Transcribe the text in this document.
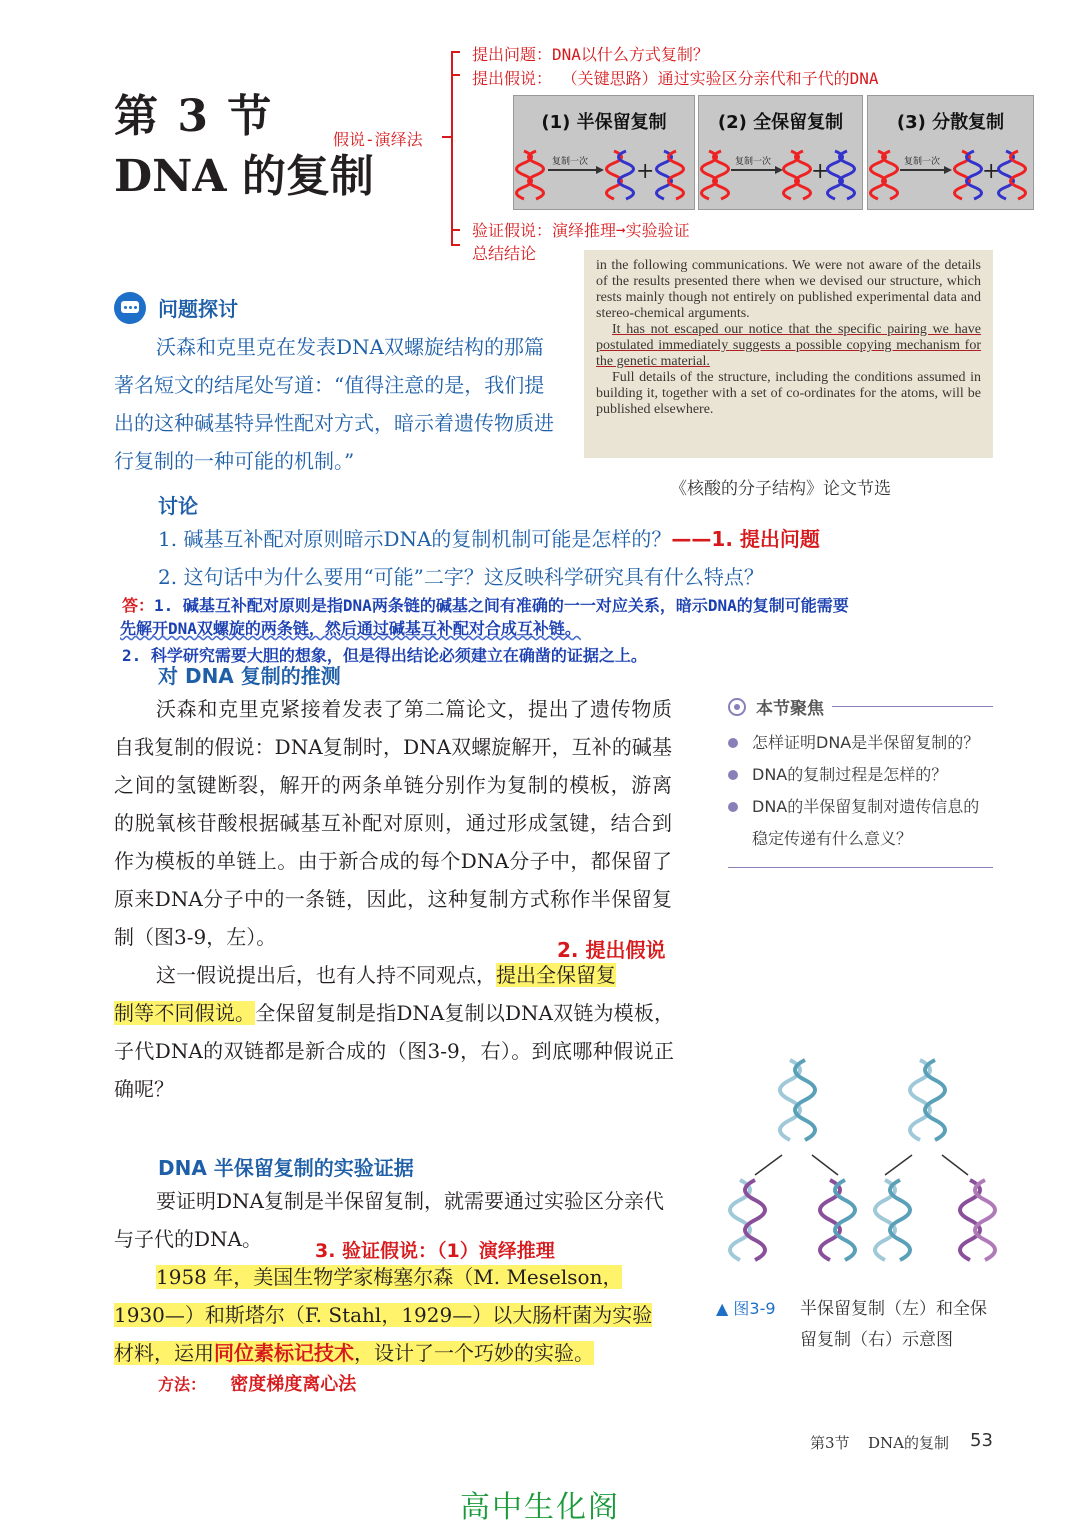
第 3 节
DNA 的复制
假说-演绎法
提出问题：DNA以什么方式复制？
提出假说： （关键思路）通过实验区分亲代和子代的DNA
验证假说：演绎推理➞实验验证
总结结论
(1) 半保留复制
复制一次 +
(2) 全保留复制
复制一次 +
(3) 分散复制
复制一次 +
问题探讨
沃森和克里克在发表DNA双螺旋结构的那篇著名短文的结尾处写道：“值得注意的是，我们提出的这种碱基特异性配对方式，暗示着遗传物质进行复制的一种可能的机制。”
in the following communications. We were not aware of the details of the results presented there when we devised our structure, which rests mainly though not entirely on published experimental data and stereo-chemical arguments.
It has not escaped our notice that the specific pairing we have postulated immediately suggests a possible copying mechanism for the genetic material.
Full details of the structure, including the conditions assumed in building it, together with a set of co-ordinates for the atoms, will be published elsewhere.
《核酸的分子结构》论文节选
讨论
1. 碱基互补配对原则暗示DNA的复制机制可能是怎样的？——1. 提出问题
2. 这句话中为什么要用“可能”二字？这反映科学研究具有什么特点？
答：1. 碱基互补配对原则是指DNA两条链的碱基之间有准确的一一对应关系，暗示DNA的复制可能需要
先解开DNA双螺旋的两条链，然后通过碱基互补配对合成互补链。
2. 科学研究需要大胆的想象，但是得出结论必须建立在确凿的证据之上。
对 DNA 复制的推测
沃森和克里克紧接着发表了第二篇论文，提出了遗传物质自我复制的假说：DNA复制时，DNA双螺旋解开，互补的碱基之间的氢键断裂，解开的两条单链分别作为复制的模板，游离的脱氧核苷酸根据碱基互补配对原则，通过形成氢键，结合到作为模板的单链上。由于新合成的每个DNA分子中，都保留了原来DNA分子中的一条链，因此，这种复制方式称作半保留复制（图3-9，左）。
2. 提出假说
这一假说提出后，也有人持不同观点，提出全保留复
制等不同假说。全保留复制是指DNA复制以DNA双链为模板，子代DNA的双链都是新合成的（图3-9，右）。到底哪种假说正确呢？
DNA 半保留复制的实验证据
要证明DNA复制是半保留复制，就需要通过实验区分亲代与子代的DNA。	3. 验证假说：（1）演绎推理
1958 年，美国生物学家梅塞尔森（M. Meselson，
1930—）和斯塔尔（F. Stahl，1929—）以大肠杆菌为实验
材料，运用同位素标记技术，设计了一个巧妙的实验。
方法： 密度梯度离心法
本节聚焦
怎样证明DNA是半保留复制的？
DNA的复制过程是怎样的？
DNA的半保留复制对遗传信息的稳定传递有什么意义？
▲ 图3-9 半保留复制（左）和全保留复制（右）示意图
第3节 DNA的复制 53
高中生化阁
